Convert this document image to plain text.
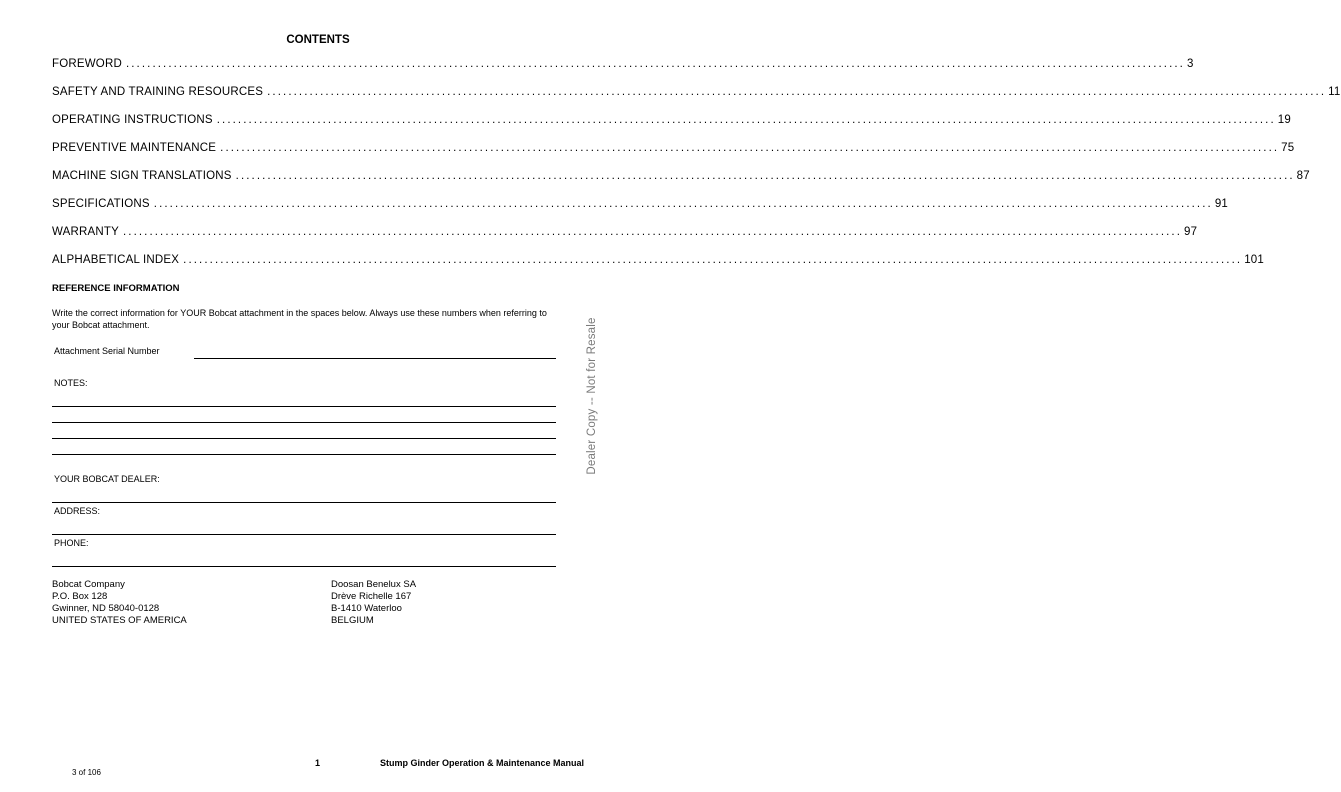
CONTENTS
FOREWORD ........................................................................................................................................................................................................ 3
SAFETY AND TRAINING RESOURCES ........................................................................................................................................................................................................ 11
OPERATING INSTRUCTIONS ........................................................................................................................................................................................................ 19
PREVENTIVE MAINTENANCE ........................................................................................................................................................................................................ 75
MACHINE SIGN TRANSLATIONS ........................................................................................................................................................................................................ 87
SPECIFICATIONS ........................................................................................................................................................................................................ 91
WARRANTY ........................................................................................................................................................................................................ 97
ALPHABETICAL INDEX ........................................................................................................................................................................................................ 101
REFERENCE INFORMATION
Write the correct information for YOUR Bobcat attachment in the spaces below. Always use these numbers when referring to your Bobcat attachment.
Attachment Serial Number
NOTES:
YOUR BOBCAT DEALER:
ADDRESS:
PHONE:
Bobcat Company
P.O. Box 128
Gwinner, ND 58040-0128
UNITED STATES OF AMERICA
Doosan Benelux SA
Drève Richelle 167
B-1410 Waterloo
BELGIUM
Dealer Copy -- Not for Resale
1	Stump Ginder Operation & Maintenance Manual
3 of 106
